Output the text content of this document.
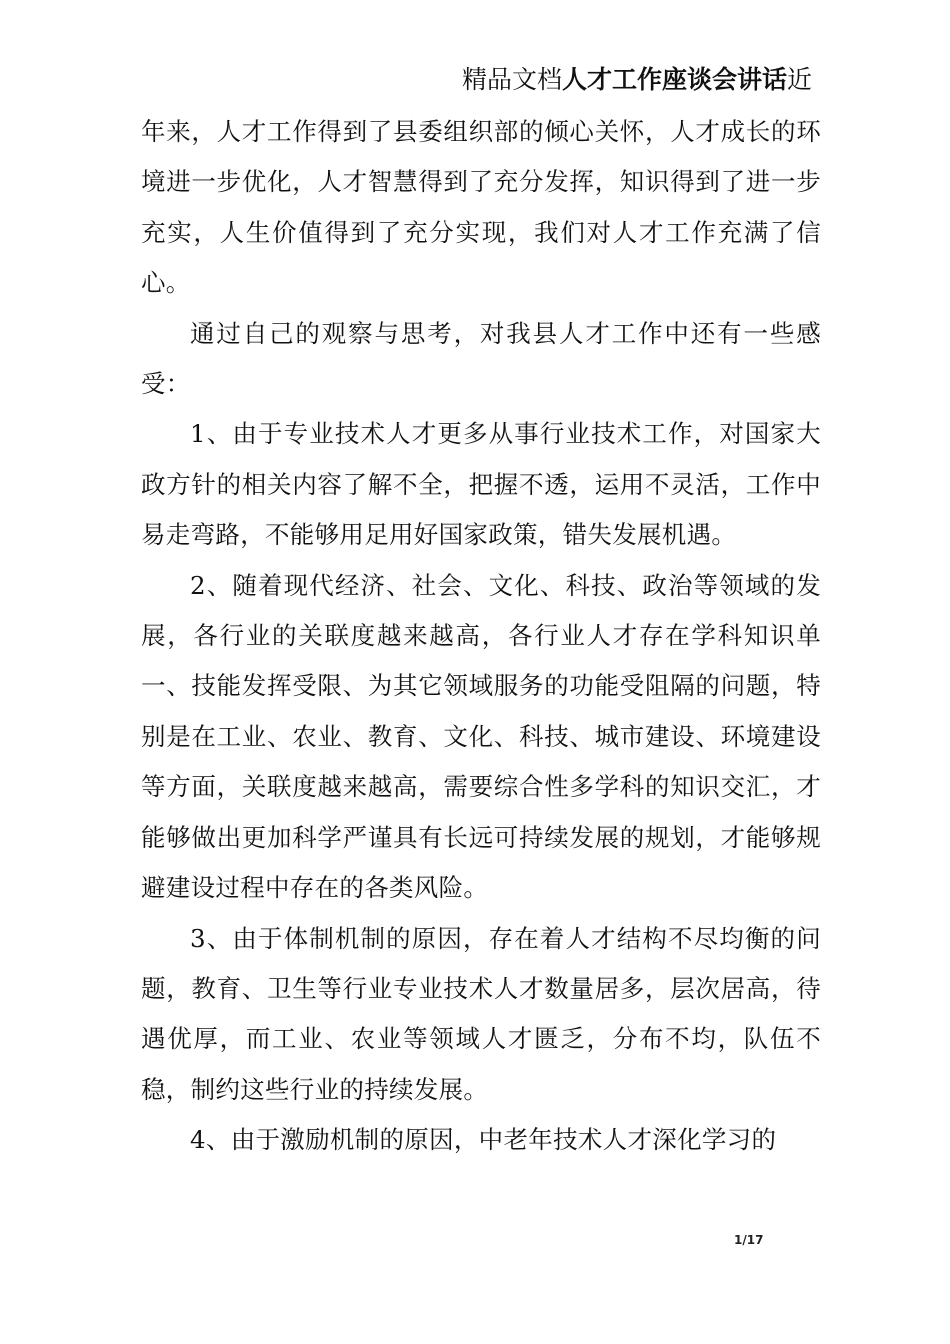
精品文档人才工作座谈会讲话近

年来，人才工作得到了县委组织部的倾心关怀，人才成长的环境进一步优化，人才智慧得到了充分发挥，知识得到了进一步充实，人生价值得到了充分实现，我们对人才工作充满了信心。

通过自己的观察与思考，对我县人才工作中还有一些感受：

1、由于专业技术人才更多从事行业技术工作，对国家大政方针的相关内容了解不全，把握不透，运用不灵活，工作中易走弯路，不能够用足用好国家政策，错失发展机遇。

2、随着现代经济、社会、文化、科技、政治等领域的发展，各行业的关联度越来越高，各行业人才存在学科知识单一、技能发挥受限、为其它领域服务的功能受阻隔的问题，特别是在工业、农业、教育、文化、科技、城市建设、环境建设等方面，关联度越来越高，需要综合性多学科的知识交汇，才能够做出更加科学严谨具有长远可持续发展的规划，才能够规避建设过程中存在的各类风险。

3、由于体制机制的原因，存在着人才结构不尽均衡的问题，教育、卫生等行业专业技术人才数量居多，层次居高，待遇优厚，而工业、农业等领域人才匮乏，分布不均，队伍不稳，制约这些行业的持续发展。

4、由于激励机制的原因，中老年技术人才深化学习的

1/17
